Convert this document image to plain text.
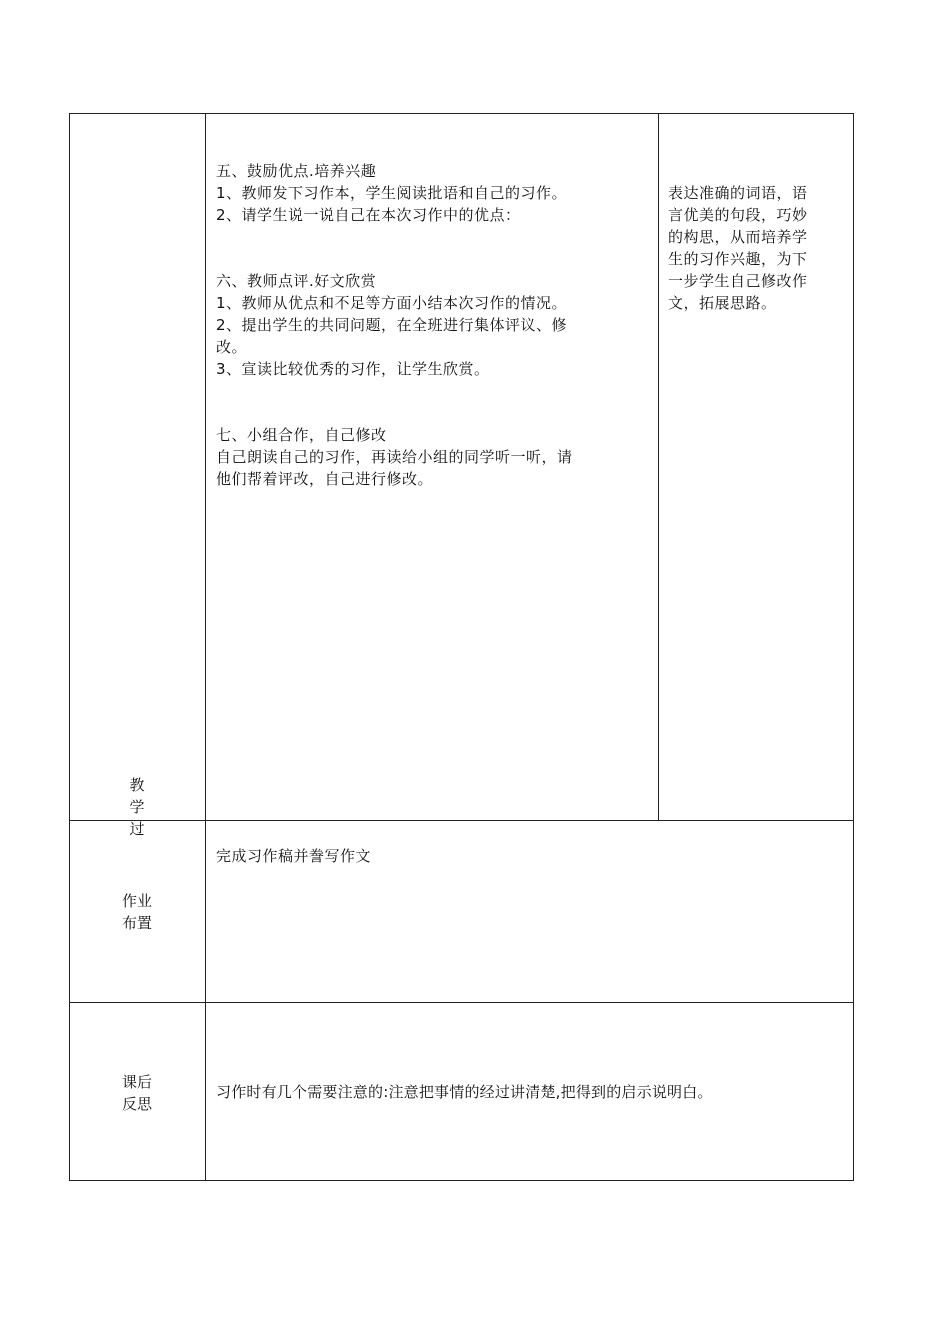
教
学
过
五、鼓励优点.培养兴趣
1、教师发下习作本，学生阅读批语和自己的习作。
2、请学生说一说自己在本次习作中的优点：
六、教师点评.好文欣赏
1、教师从优点和不足等方面小结本次习作的情况。
2、提出学生的共同问题，在全班进行集体评议、修
改。
3、宣读比较优秀的习作，让学生欣赏。
七、小组合作，自己修改
自己朗读自己的习作，再读给小组的同学听一听，请
他们帮着评改，自己进行修改。
表达准确的词语，语
言优美的句段，巧妙
的构思，从而培养学
生的习作兴趣，为下
一步学生自己修改作
文，拓展思路。
作业
布置
完成习作稿并誊写作文
课后
反思
习作时有几个需要注意的:注意把事情的经过讲清楚,把得到的启示说明白。
